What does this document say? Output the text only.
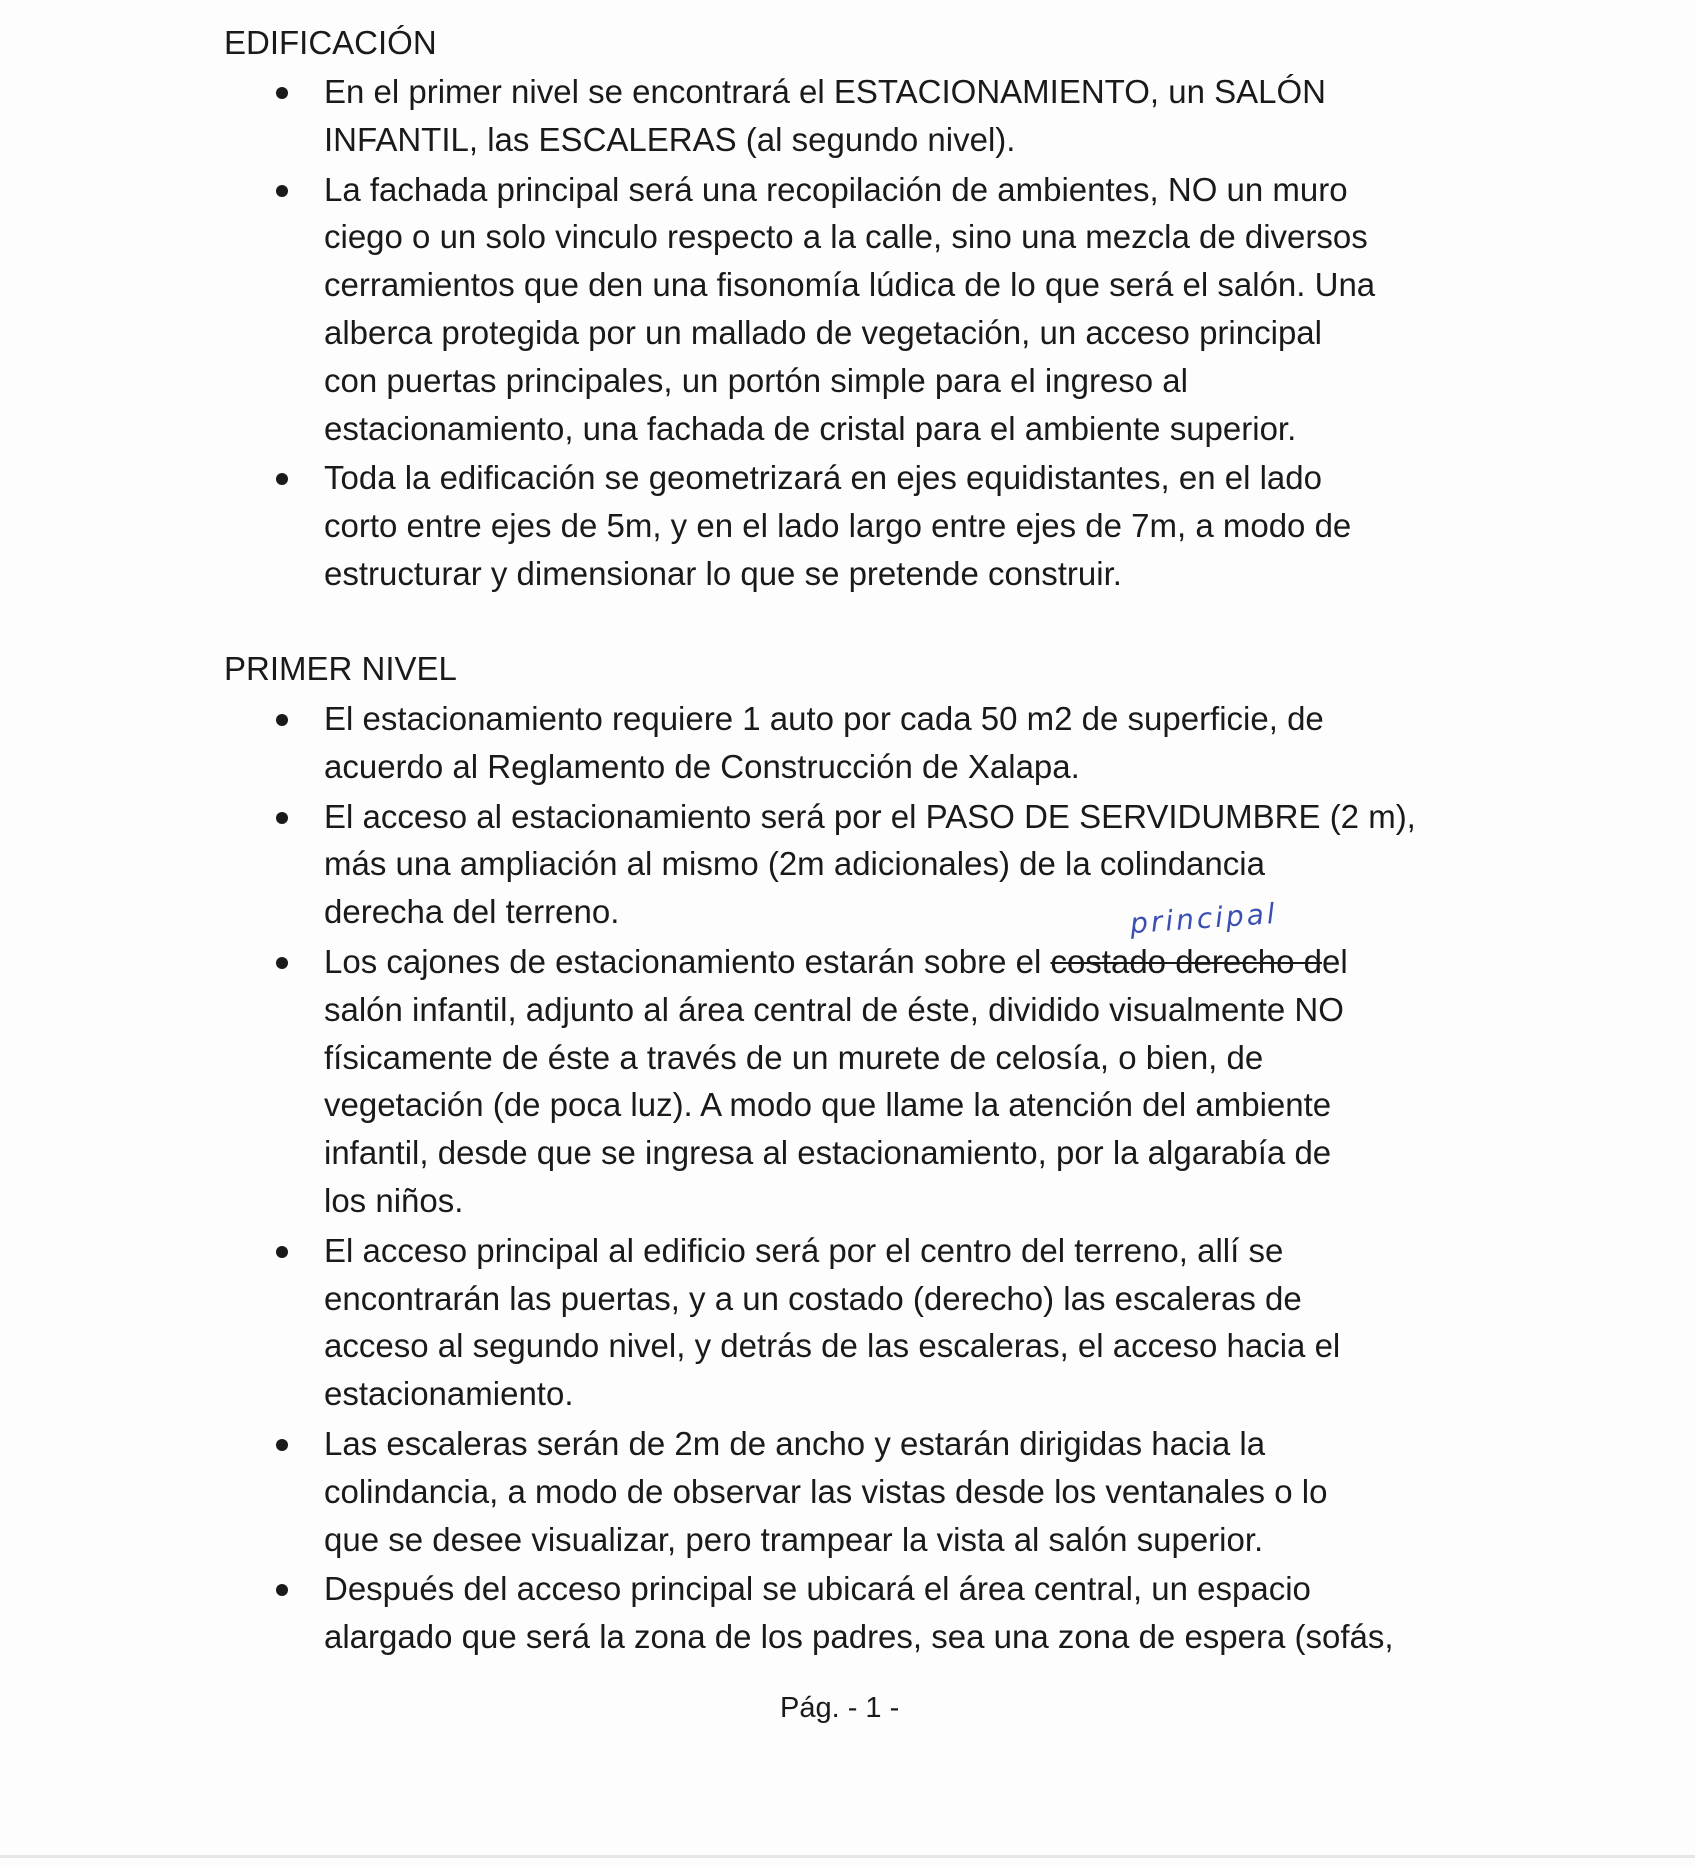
EDIFICACIÓN
En el primer nivel se encontrará el ESTACIONAMIENTO, un SALÓN
INFANTIL, las ESCALERAS (al segundo nivel).
La fachada principal será una recopilación de ambientes, NO un muro
ciego o un solo vinculo respecto a la calle, sino una mezcla de diversos
cerramientos que den una fisonomía lúdica de lo que será el salón. Una
alberca protegida por un mallado de vegetación, un acceso principal
con puertas principales, un portón simple para el ingreso al
estacionamiento, una fachada de cristal para el ambiente superior.
Toda la edificación se geometrizará en ejes equidistantes, en el lado
corto entre ejes de 5m, y en el lado largo entre ejes de 7m, a modo de
estructurar y dimensionar lo que se pretende construir.
PRIMER NIVEL
El estacionamiento requiere 1 auto por cada 50 m2 de superficie, de
acuerdo al Reglamento de Construcción de Xalapa.
El acceso al estacionamiento será por el PASO DE SERVIDUMBRE (2 m),
más una ampliación al mismo (2m adicionales) de la colindancia
derecha del terreno.
Los cajones de estacionamiento estarán sobre el costado derecho del
salón infantil, adjunto al área central de éste, dividido visualmente NO
físicamente de éste a través de un murete de celosía, o bien, de
vegetación (de poca luz). A modo que llame la atención del ambiente
infantil, desde que se ingresa al estacionamiento, por la algarabía de
los niños.
El acceso principal al edificio será por el centro del terreno, allí se
encontrarán las puertas, y a un costado (derecho) las escaleras de
acceso al segundo nivel, y detrás de las escaleras, el acceso hacia el
estacionamiento.
Las escaleras serán de 2m de ancho y estarán dirigidas hacia la
colindancia, a modo de observar las vistas desde los ventanales o lo
que se desee visualizar, pero trampear la vista al salón superior.
Después del acceso principal se ubicará el área central, un espacio
alargado que será la zona de los padres, sea una zona de espera (sofás,
principal
Pág. - 1 -
